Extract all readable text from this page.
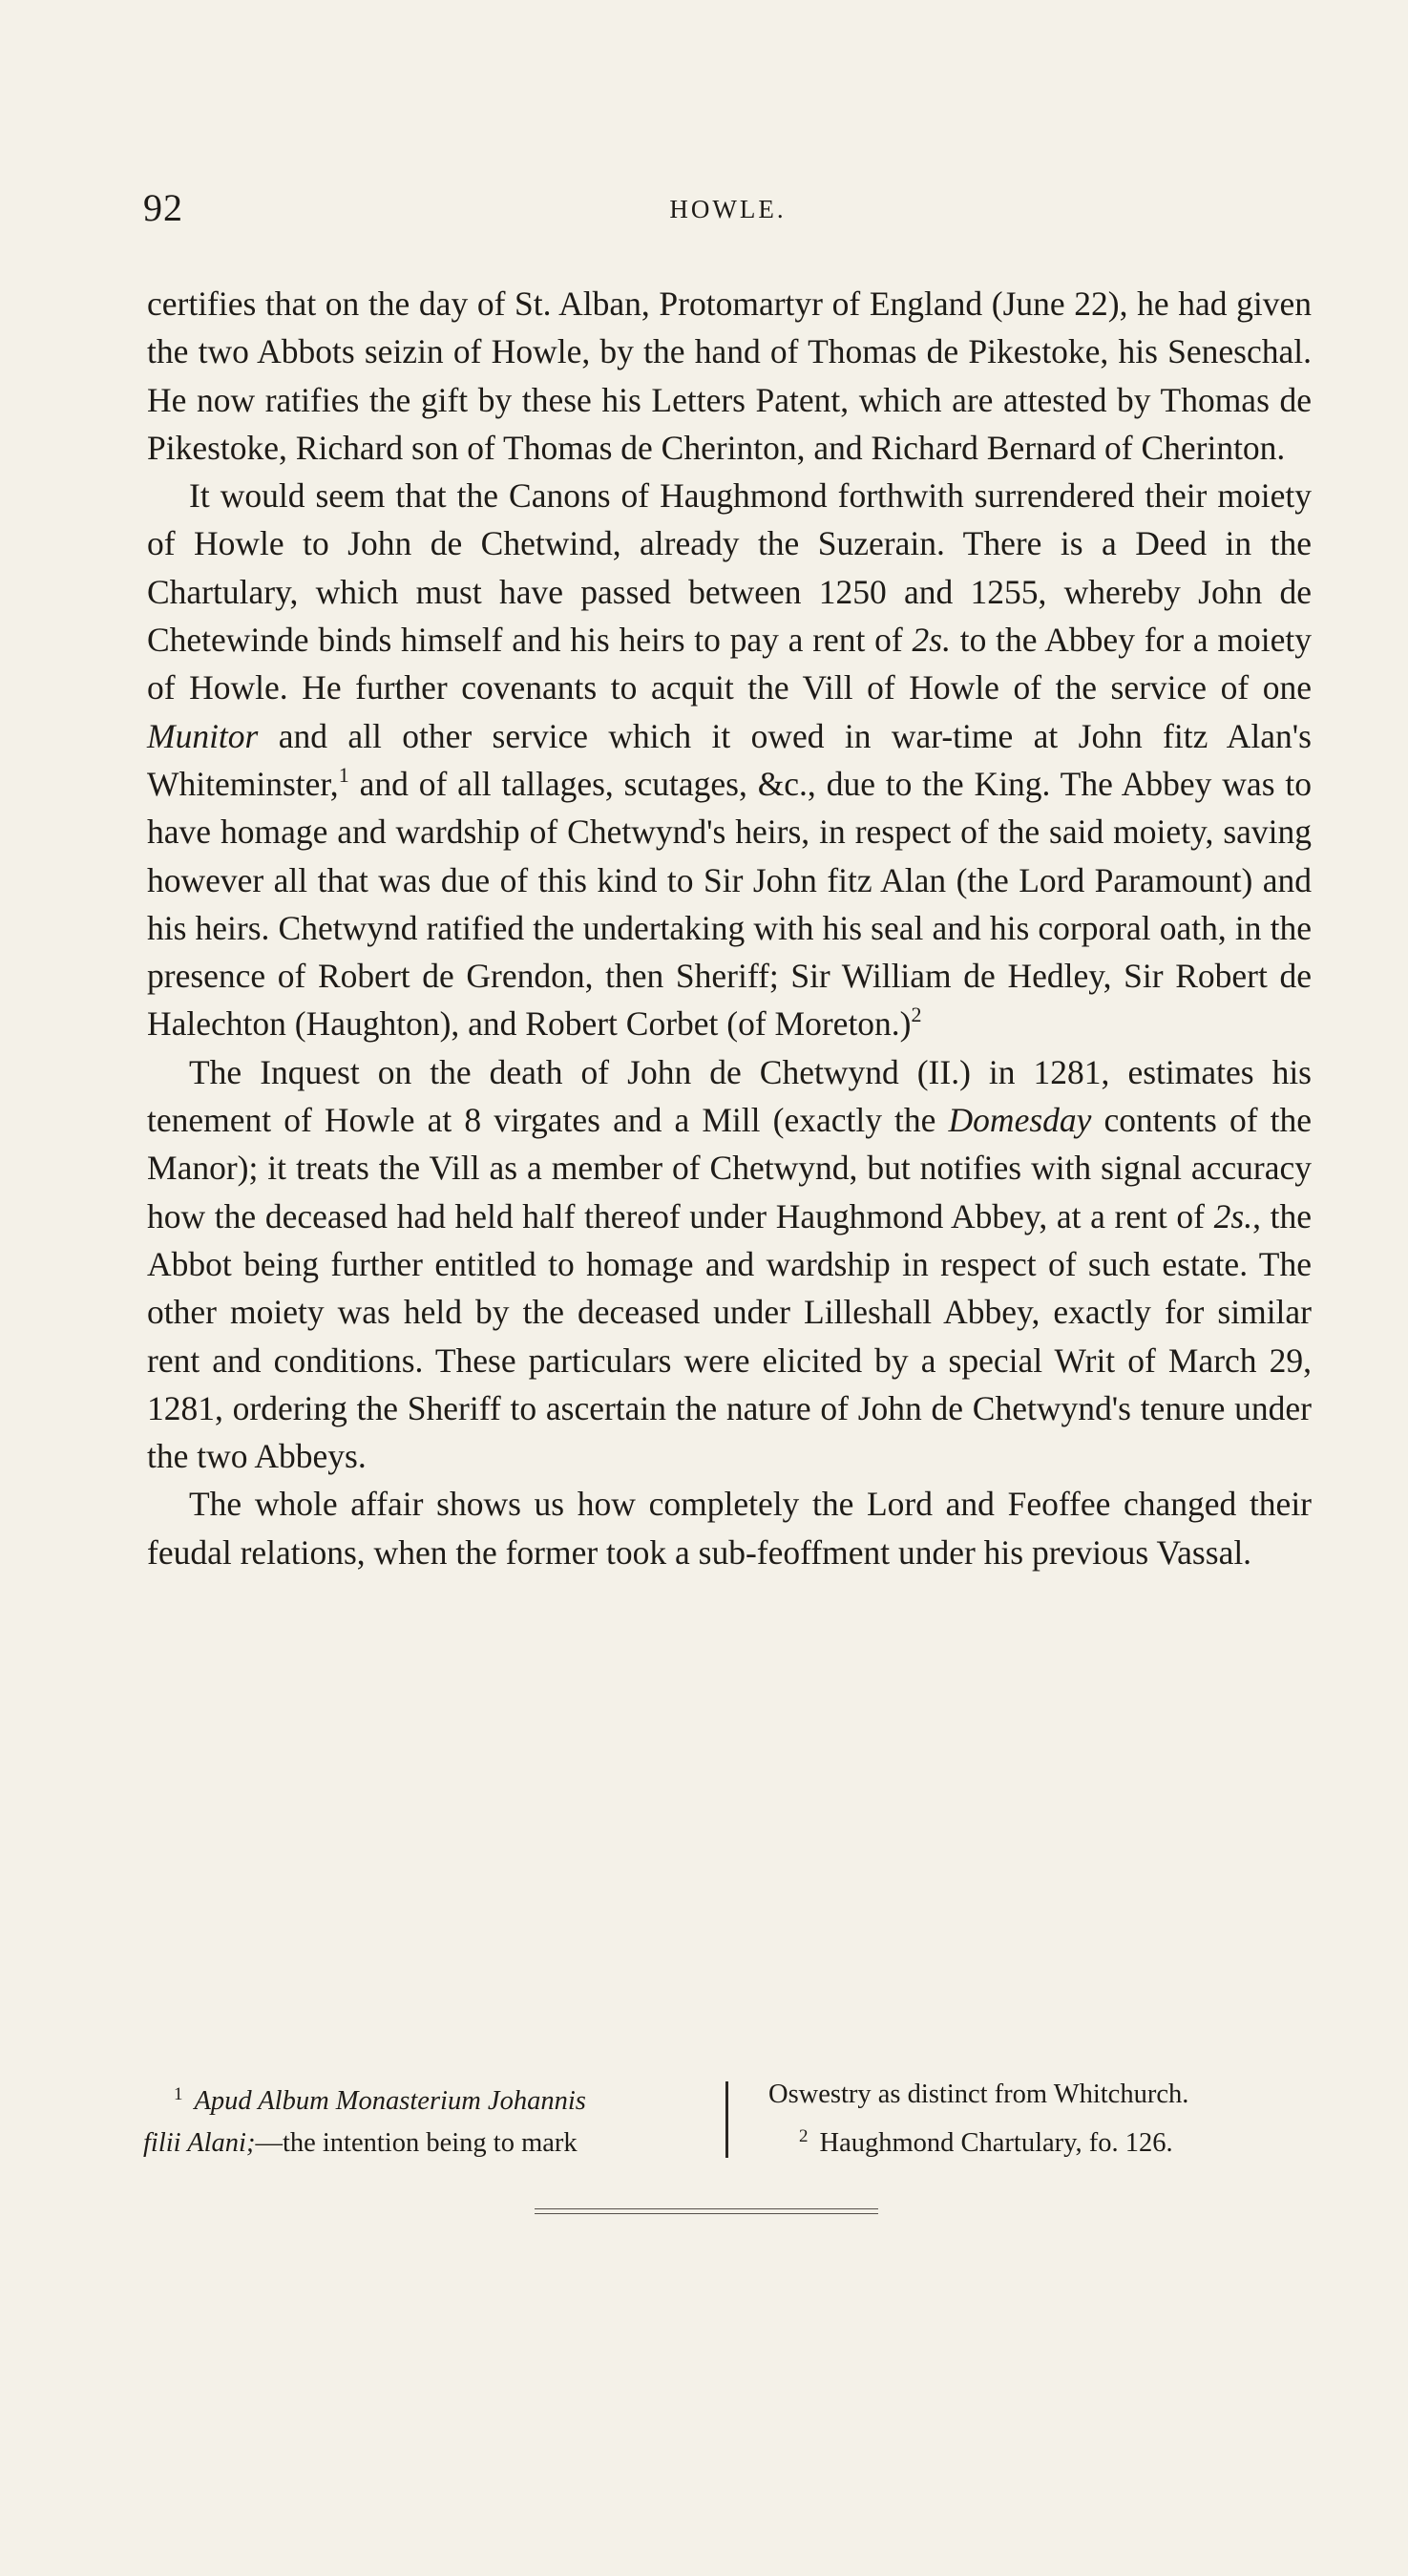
92	HOWLE.

certifies that on the day of St. Alban, Protomartyr of England (June 22), he had given the two Abbots seizin of Howle, by the hand of Thomas de Pikestoke, his Seneschal. He now ratifies the gift by these his Letters Patent, which are attested by Thomas de Pikestoke, Richard son of Thomas de Cherinton, and Richard Bernard of Cherinton.

It would seem that the Canons of Haughmond forthwith surrendered their moiety of Howle to John de Chetwind, already the Suzerain. There is a Deed in the Chartulary, which must have passed between 1250 and 1255, whereby John de Chetewinde binds himself and his heirs to pay a rent of 2s. to the Abbey for a moiety of Howle. He further covenants to acquit the Vill of Howle of the service of one Munitor and all other service which it owed in war-time at John fitz Alan's Whiteminster,$^1$ and of all tallages, scutages, &c., due to the King. The Abbey was to have homage and wardship of Chetwynd's heirs, in respect of the said moiety, saving however all that was due of this kind to Sir John fitz Alan (the Lord Paramount) and his heirs. Chetwynd ratified the undertaking with his seal and his corporal oath, in the presence of Robert de Grendon, then Sheriff; Sir William de Hedley, Sir Robert de Halechton (Haughton), and Robert Corbet (of Moreton.)$^2$

The Inquest on the death of John de Chetwynd (II.) in 1281, estimates his tenement of Howle at 8 virgates and a Mill (exactly the Domesday contents of the Manor); it treats the Vill as a member of Chetwynd, but notifies with signal accuracy how the deceased had held half thereof under Haughmond Abbey, at a rent of 2s., the Abbot being further entitled to homage and wardship in respect of such estate. The other moiety was held by the deceased under Lilleshall Abbey, exactly for similar rent and conditions. These particulars were elicited by a special Writ of March 29, 1281, ordering the Sheriff to ascertain the nature of John de Chetwynd's tenure under the two Abbeys.

The whole affair shows us how completely the Lord and Feoffee changed their feudal relations, when the former took a sub-feoffment under his previous Vassal.

$^1$ Apud Album Monasterium Johannis
filii Alani;—the intention being to mark
Oswestry as distinct from Whitchurch.
$^2$ Haughmond Chartulary, fo. 126.
